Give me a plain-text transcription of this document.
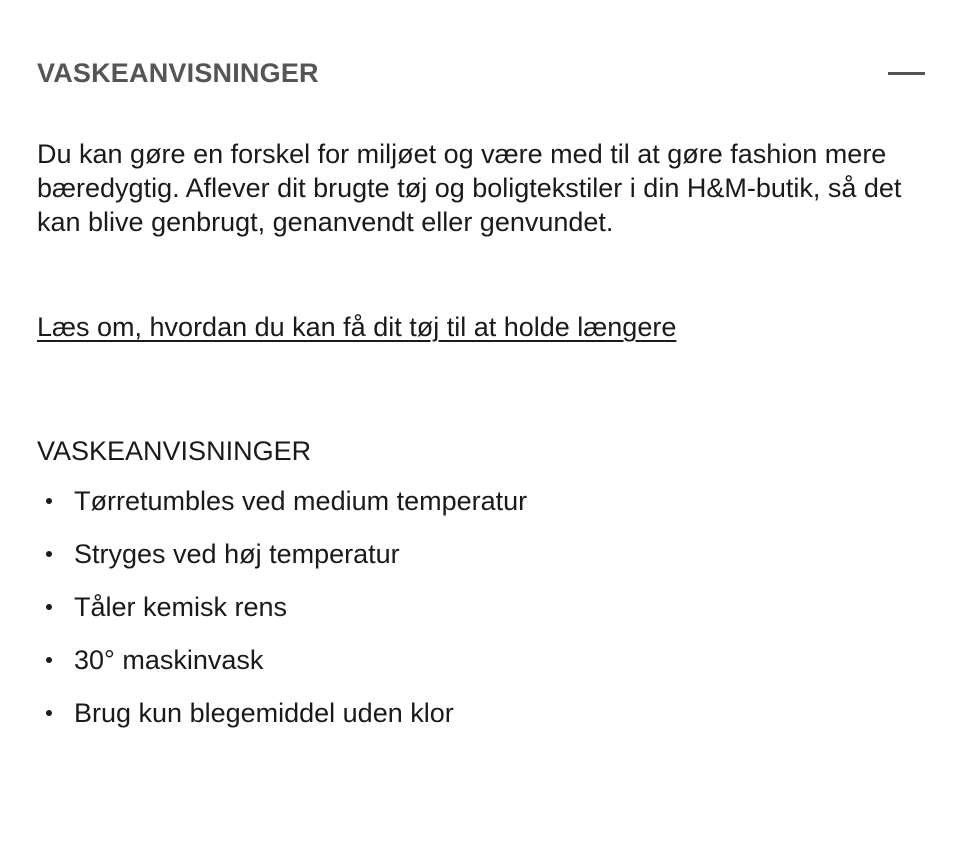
VASKEANVISNINGER

Du kan gøre en forskel for miljøet og være med til at gøre fashion mere bæredygtig. Aflever dit brugte tøj og boligtekstiler i din H&M-butik, så det kan blive genbrugt, genanvendt eller genvundet.

Læs om, hvordan du kan få dit tøj til at holde længere
VASKEANVISNINGER
Tørretumbles ved medium temperatur
Stryges ved høj temperatur
Tåler kemisk rens
30° maskinvask
Brug kun blegemiddel uden klor
